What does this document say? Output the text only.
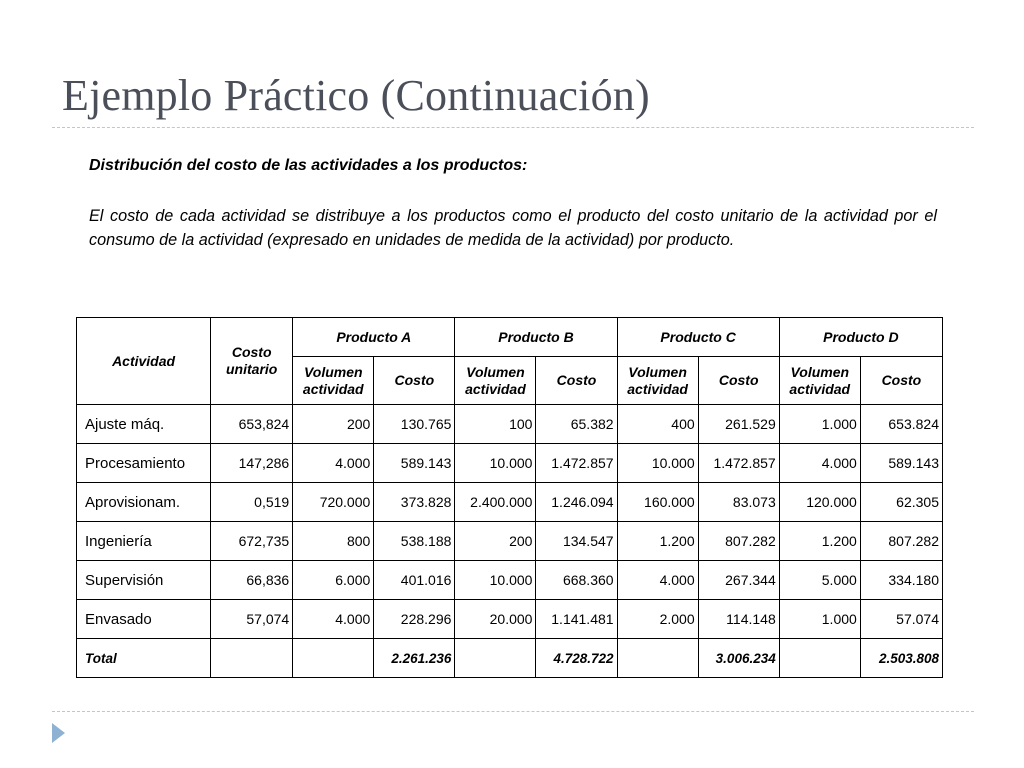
Ejemplo Práctico (Continuación)

Distribución del costo de las actividades a los productos:

El costo de cada actividad se distribuye a los productos como el producto del costo unitario de la actividad por el consumo de la actividad (expresado en unidades de medida de la actividad) por producto.

Actividad	Costo unitario	Producto A		Producto B		Producto C		Producto D	
		Volumen actividad	Costo	Volumen actividad	Costo	Volumen actividad	Costo	Volumen actividad	Costo
Ajuste máq.	653,824	200	130.765	100	65.382	400	261.529	1.000	653.824
Procesamiento	147,286	4.000	589.143	10.000	1.472.857	10.000	1.472.857	4.000	589.143
Aprovisionam.	0,519	720.000	373.828	2.400.000	1.246.094	160.000	83.073	120.000	62.305
Ingeniería	672,735	800	538.188	200	134.547	1.200	807.282	1.200	807.282
Supervisión	66,836	6.000	401.016	10.000	668.360	4.000	267.344	5.000	334.180
Envasado	57,074	4.000	228.296	20.000	1.141.481	2.000	114.148	1.000	57.074
Total			2.261.236		4.728.722		3.006.234		2.503.808
